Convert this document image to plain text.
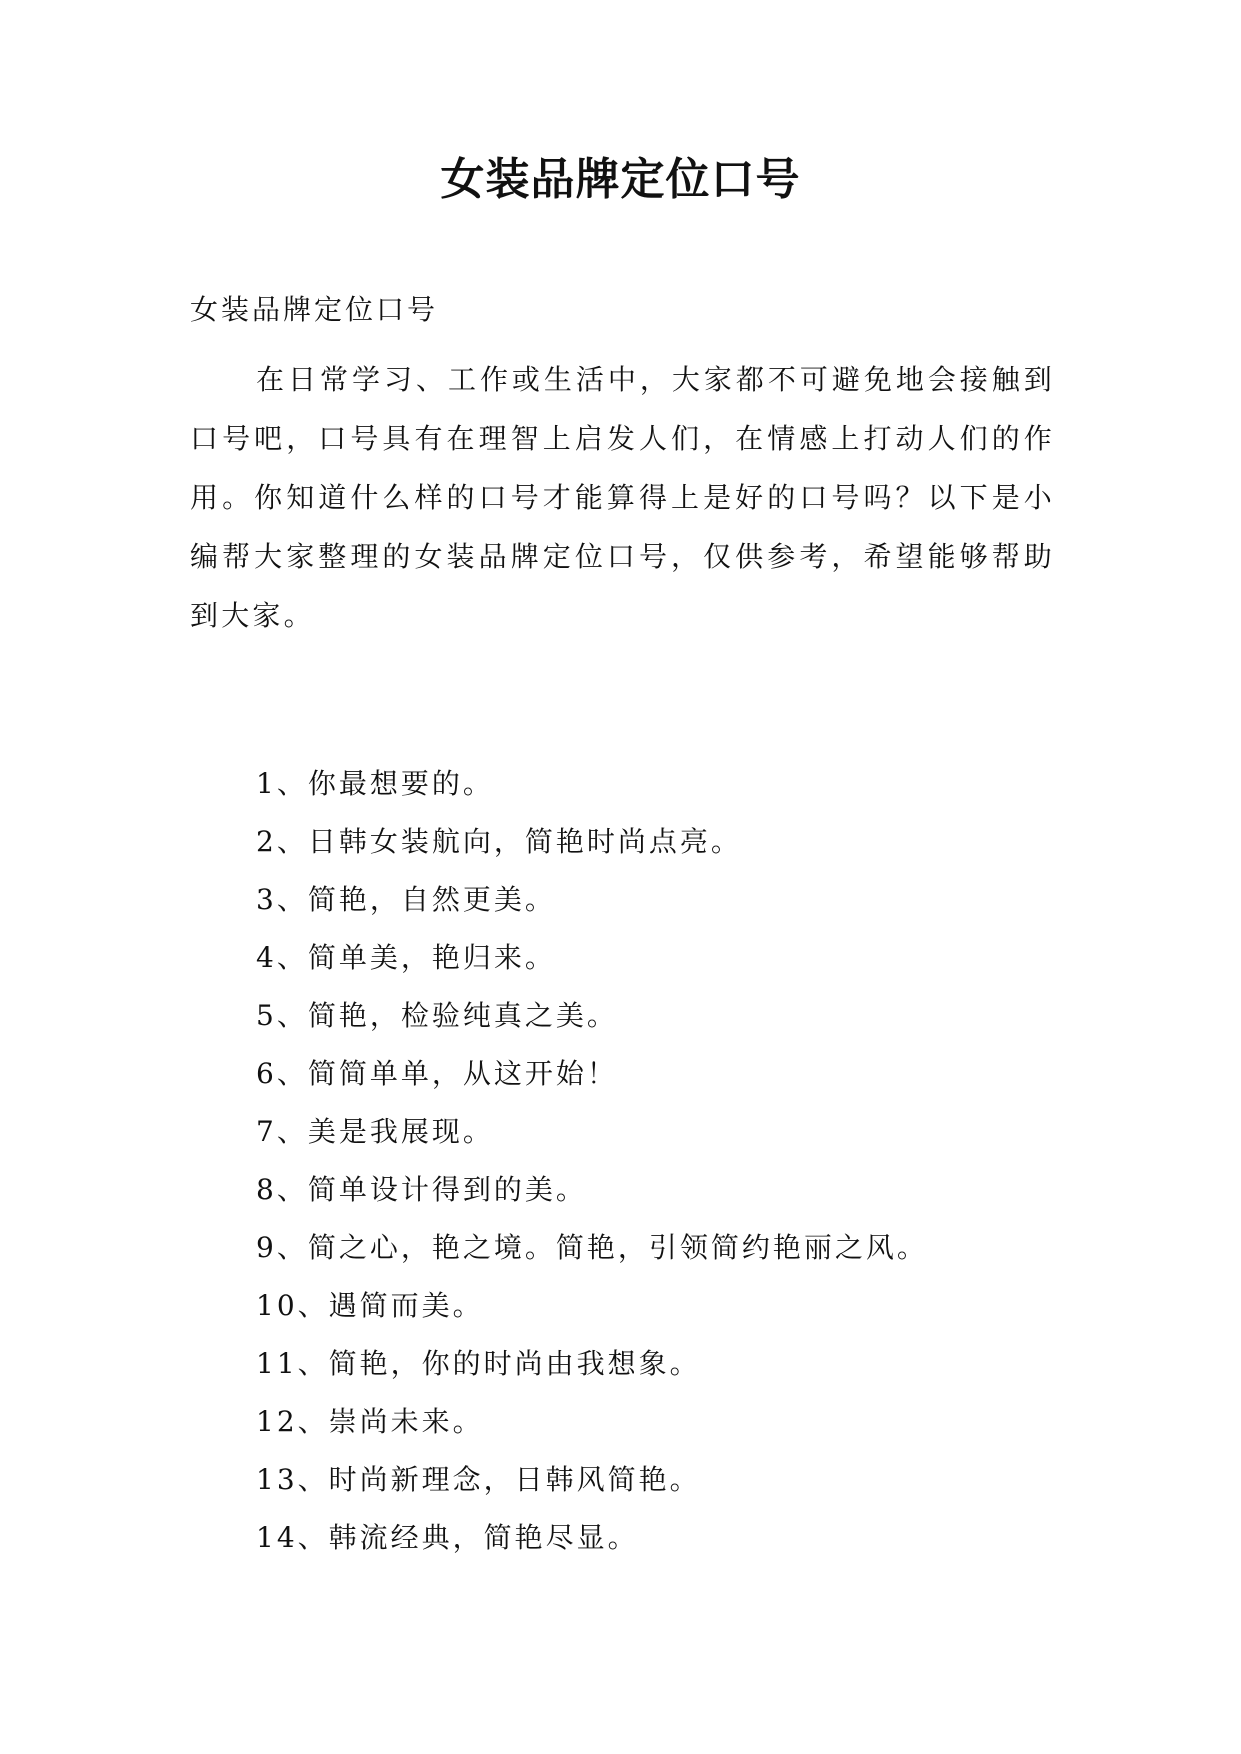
女装品牌定位口号

女装品牌定位口号

在日常学习、工作或生活中，大家都不可避免地会接触到口号吧，口号具有在理智上启发人们，在情感上打动人们的作用。你知道什么样的口号才能算得上是好的口号吗？以下是小编帮大家整理的女装品牌定位口号，仅供参考，希望能够帮助到大家。

1、你最想要的。
2、日韩女装航向，简艳时尚点亮。
3、简艳，自然更美。
4、简单美，艳归来。
5、简艳，检验纯真之美。
6、简简单单，从这开始！
7、美是我展现。
8、简单设计得到的美。
9、简之心，艳之境。简艳，引领简约艳丽之风。
10、遇简而美。
11、简艳，你的时尚由我想象。
12、崇尚未来。
13、时尚新理念，日韩风简艳。
14、韩流经典，简艳尽显。
